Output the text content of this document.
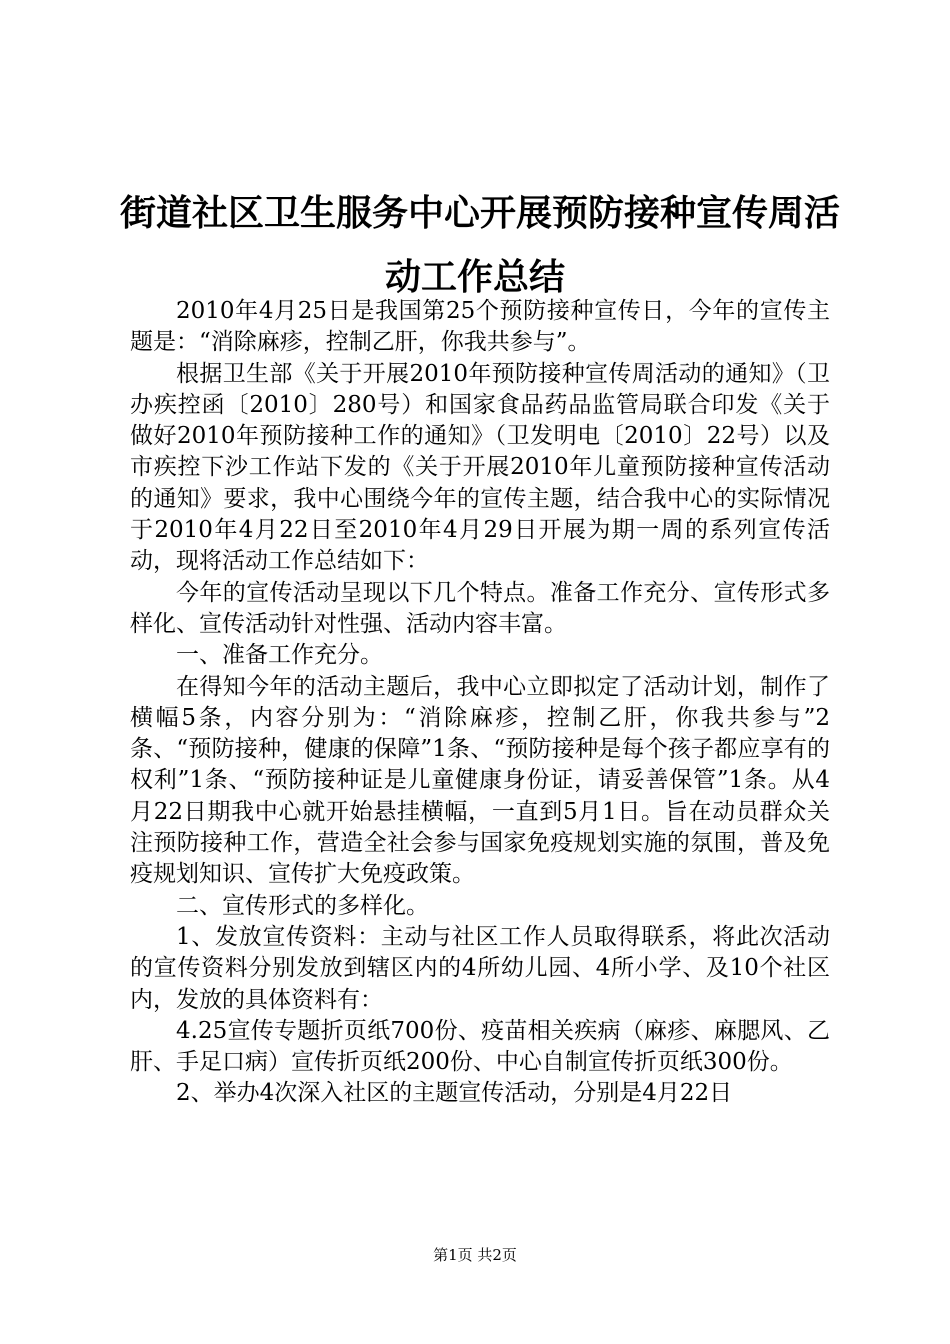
街道社区卫生服务中心开展预防接种宣传周活
动工作总结

2010年4月25日是我国第25个预防接种宣传日，今年的宣传主题是：“消除麻疹，控制乙肝，你我共参与”。

根据卫生部《关于开展2010年预防接种宣传周活动的通知》（卫办疾控函〔2010〕280号）和国家食品药品监管局联合印发《关于做好2010年预防接种工作的通知》（卫发明电〔2010〕22号）以及市疾控下沙工作站下发的《关于开展2010年儿童预防接种宣传活动的通知》要求，我中心围绕今年的宣传主题，结合我中心的实际情况于2010年4月22日至2010年4月29日开展为期一周的系列宣传活动，现将活动工作总结如下：

今年的宣传活动呈现以下几个特点。准备工作充分、宣传形式多样化、宣传活动针对性强、活动内容丰富。

一、准备工作充分。

在得知今年的活动主题后，我中心立即拟定了活动计划，制作了横幅5条，内容分别为：“消除麻疹，控制乙肝，你我共参与”2条、“预防接种，健康的保障”1条、“预防接种是每个孩子都应享有的权利”1条、“预防接种证是儿童健康身份证，请妥善保管”1条。从4月22日期我中心就开始悬挂横幅，一直到5月1日。旨在动员群众关注预防接种工作，营造全社会参与国家免疫规划实施的氛围，普及免疫规划知识、宣传扩大免疫政策。

二、宣传形式的多样化。

1、发放宣传资料：主动与社区工作人员取得联系，将此次活动的宣传资料分别发放到辖区内的4所幼儿园、4所小学、及10个社区内，发放的具体资料有：

4.25宣传专题折页纸700份、疫苗相关疾病（麻疹、麻腮风、乙肝、手足口病）宣传折页纸200份、中心自制宣传折页纸300份。

2、举办4次深入社区的主题宣传活动，分别是4月22日

第1页 共2页
